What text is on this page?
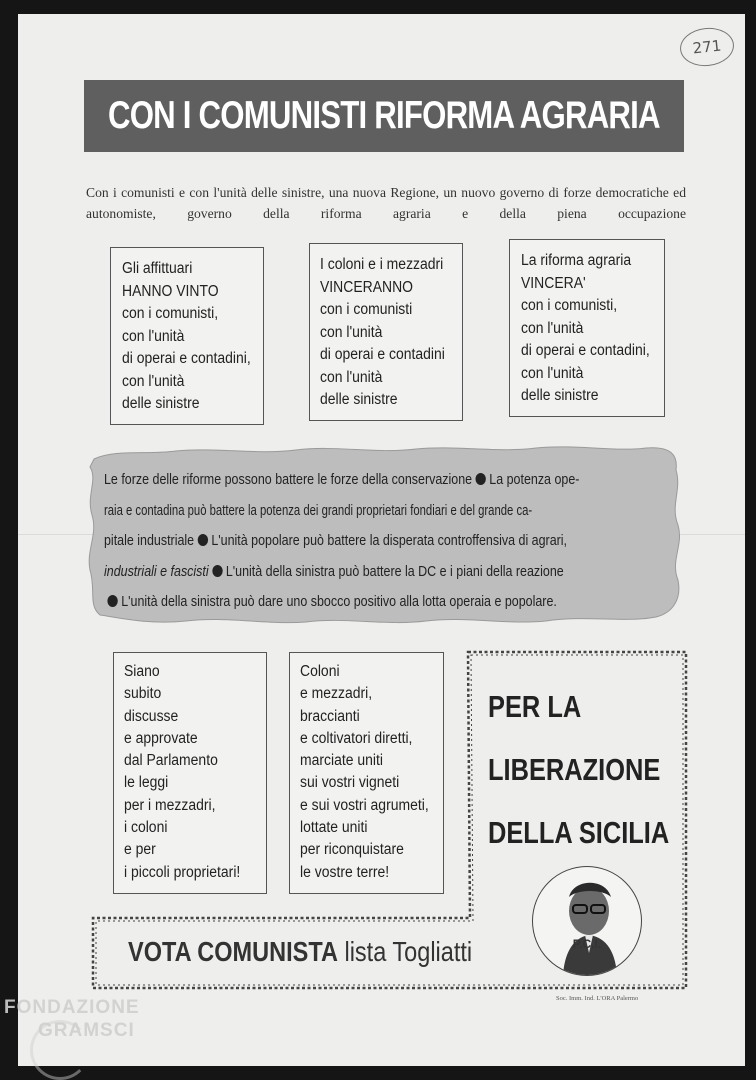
271
CON I COMUNISTI RIFORMA AGRARIA
Con i comunisti e con l'unità delle sinistre, una nuova Regione, un nuovo governo di forze democratiche ed autonomiste, governo della riforma agraria e della piena occupazione
Gli affittuari
HANNO VINTO
con i comunisti,
con l'unità
di operai e contadini,
con l'unità
delle sinistre
I coloni e i mezzadri
VINCERANNO
con i comunisti
con l'unità
di operai e contadini
con l'unità
delle sinistre
La riforma agraria
VINCERA'
con i comunisti,
con l'unità
di operai e contadini,
con l'unità
delle sinistre
Le forze delle riforme possono battere le forze della conservazione La potenza ope-
raia e contadina può battere la potenza dei grandi proprietari fondiari e del grande ca-
pitale industriale L'unità popolare può battere la disperata controffensiva di agrari,
industriali e fascisti L'unità della sinistra può battere la DC e i piani della reazione
L'unità della sinistra può dare uno sbocco positivo alla lotta operaia e popolare.
Siano
subito
discusse
e approvate
dal Parlamento
le leggi
per i mezzadri,
i coloni
e per
i piccoli proprietari!
Coloni
e mezzadri,
braccianti
e coltivatori diretti,
marciate uniti
sui vostri vigneti
e sui vostri agrumeti,
lottate uniti
per riconquistare
le vostre terre!
PER LA
LIBERAZIONE
DELLA SICILIA
VOTA COMUNISTA lista Togliatti	P.C.I.
Soc. Imm. Ind. L'ORA Palermo
FONDAZIONE
GRAMSCI
